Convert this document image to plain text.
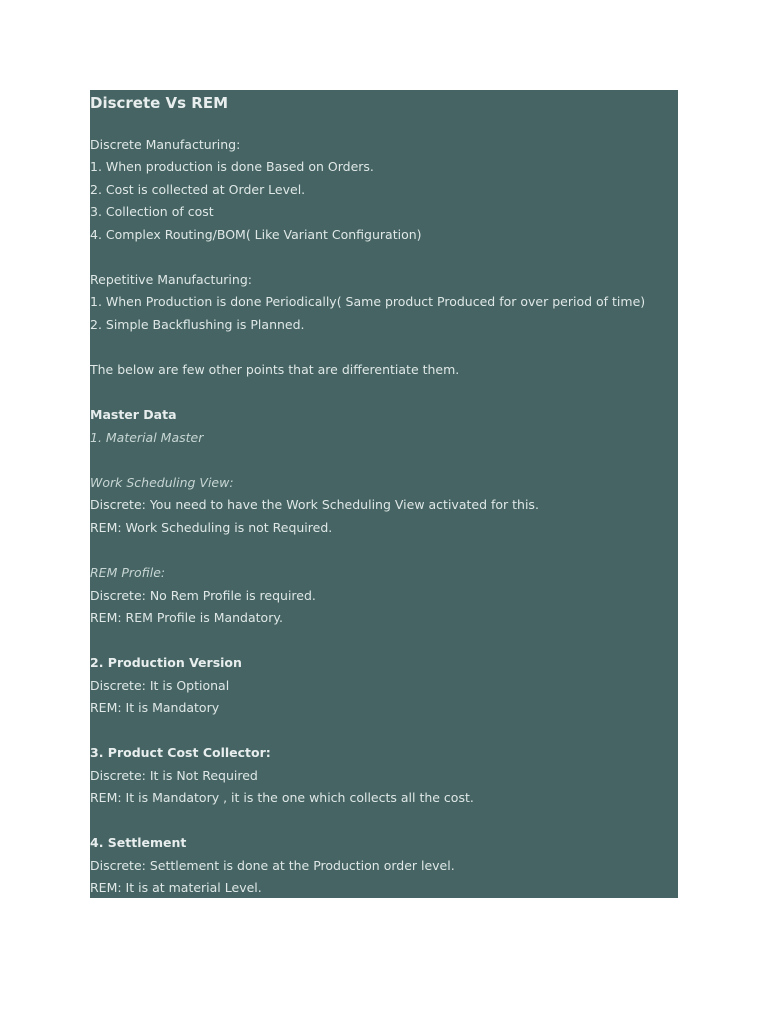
Discrete Vs REM
Discrete Manufacturing:
1. When production is done Based on Orders.
2. Cost is collected at Order Level.
3. Collection of cost
4. Complex Routing/BOM( Like Variant Configuration)
Repetitive Manufacturing:
1. When Production is done Periodically( Same product Produced for over period of time)
2. Simple Backflushing is Planned.
The below are few other points that are differentiate them.
Master Data
1. Material Master
Work Scheduling View:
Discrete: You need to have the Work Scheduling View activated for this.
REM: Work Scheduling is not Required.
REM Profile:
Discrete: No Rem Profile is required.
REM: REM Profile is Mandatory.
2. Production Version
Discrete: It is Optional
REM: It is Mandatory
3. Product Cost Collector:
Discrete: It is Not Required
REM: It is Mandatory , it is the one which collects all the cost.
4. Settlement
Discrete: Settlement is done at the Production order level.
REM: It is at material Level.
